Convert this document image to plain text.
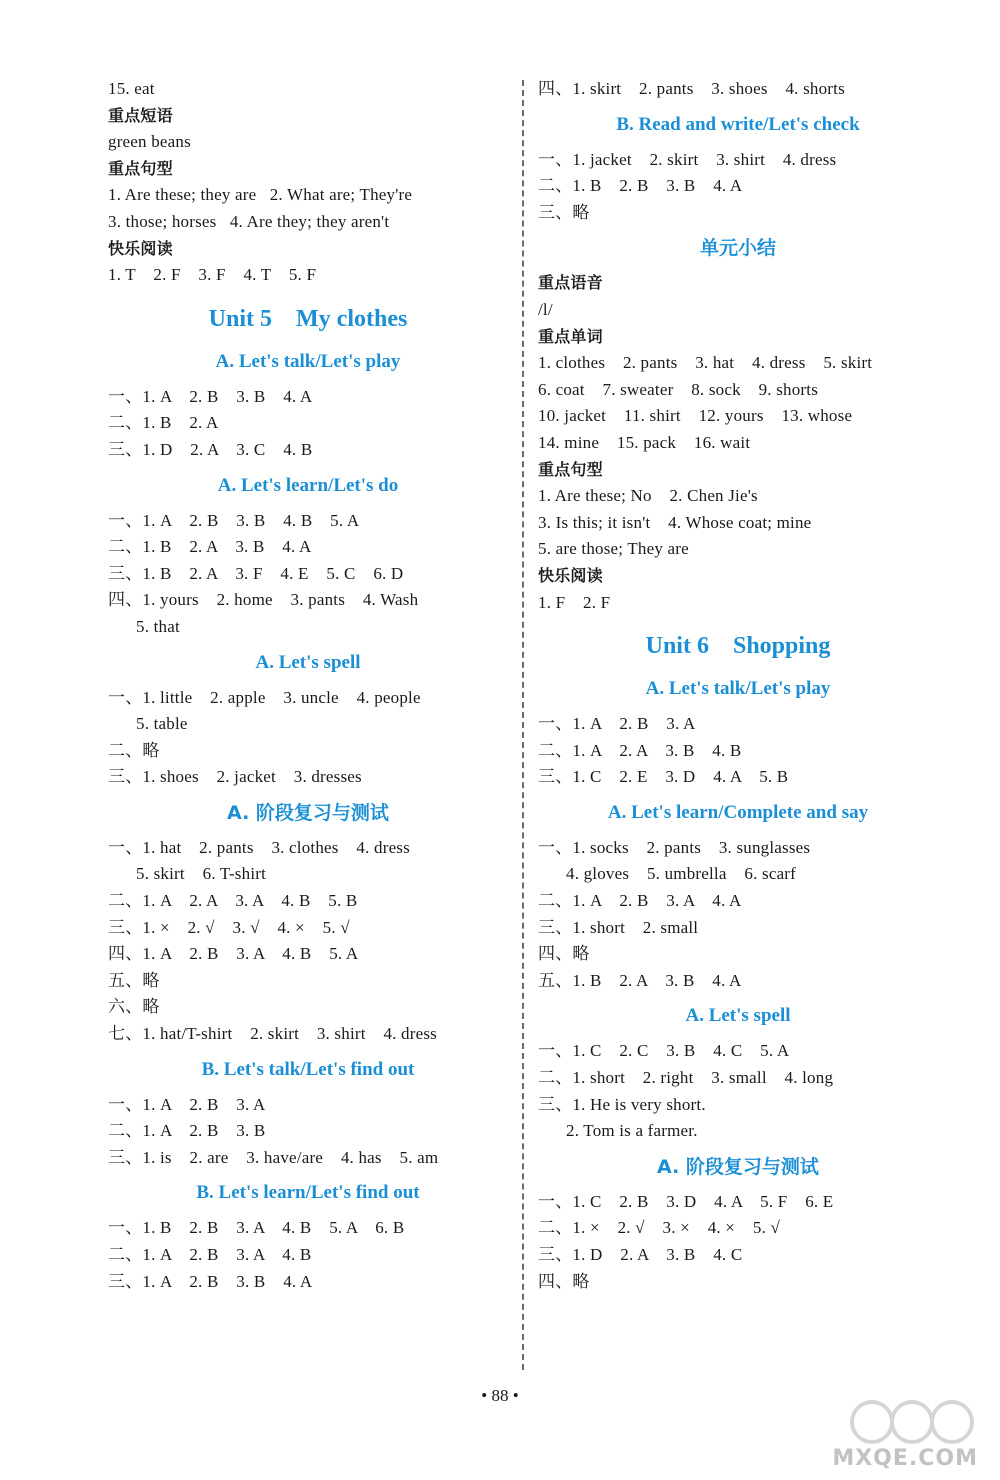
15. eat
重点短语
green beans
重点句型
1. Are these; they are   2. What are; They're
3. those; horses   4. Are they; they aren't
快乐阅读
1. T    2. F    3. F    4. T    5. F
Unit 5    My clothes
A. Let's talk/Let's play
一、1. A    2. B    3. B    4. A
二、1. B    2. A
三、1. D    2. A    3. C    4. B
A. Let's learn/Let's do
一、1. A    2. B    3. B    4. B    5. A
二、1. B    2. A    3. B    4. A
三、1. B    2. A    3. F    4. E    5. C    6. D
四、1. yours    2. home    3. pants    4. Wash
5. that
A. Let's spell
一、1. little    2. apple    3. uncle    4. people
5. table
二、略
三、1. shoes    2. jacket    3. dresses
A. 阶段复习与测试
一、1. hat    2. pants    3. clothes    4. dress
5. skirt    6. T-shirt
二、1. A    2. A    3. A    4. B    5. B
三、1. ×    2. √    3. √    4. ×    5. √
四、1. A    2. B    3. A    4. B    5. A
五、略
六、略
七、1. hat/T-shirt    2. skirt    3. shirt    4. dress
B. Let's talk/Let's find out
一、1. A    2. B    3. A
二、1. A    2. B    3. B
三、1. is    2. are    3. have/are    4. has    5. am
B. Let's learn/Let's find out
一、1. B    2. B    3. A    4. B    5. A    6. B
二、1. A    2. B    3. A    4. B
三、1. A    2. B    3. B    4. A
四、1. skirt    2. pants    3. shoes    4. shorts
B. Read and write/Let's check
一、1. jacket    2. skirt    3. shirt    4. dress
二、1. B    2. B    3. B    4. A
三、略
单元小结
重点语音
/l/
重点单词
1. clothes    2. pants    3. hat    4. dress    5. skirt
6. coat    7. sweater    8. sock    9. shorts
10. jacket    11. shirt    12. yours    13. whose
14. mine    15. pack    16. wait
重点句型
1. Are these; No    2. Chen Jie's
3. Is this; it isn't    4. Whose coat; mine
5. are those; They are
快乐阅读
1. F    2. F
Unit 6    Shopping
A. Let's talk/Let's play
一、1. A    2. B    3. A
二、1. A    2. A    3. B    4. B
三、1. C    2. E    3. D    4. A    5. B
A. Let's learn/Complete and say
一、1. socks    2. pants    3. sunglasses
4. gloves    5. umbrella    6. scarf
二、1. A    2. B    3. A    4. A
三、1. short    2. small
四、略
五、1. B    2. A    3. B    4. A
A. Let's spell
一、1. C    2. C    3. B    4. C    5. A
二、1. short    2. right    3. small    4. long
三、1. He is very short.
2. Tom is a farmer.
A. 阶段复习与测试
一、1. C    2. B    3. D    4. A    5. F    6. E
二、1. ×    2. √    3. ×    4. ×    5. √
三、1. D    2. A    3. B    4. C
四、略
• 88 •
MXQE.COM
